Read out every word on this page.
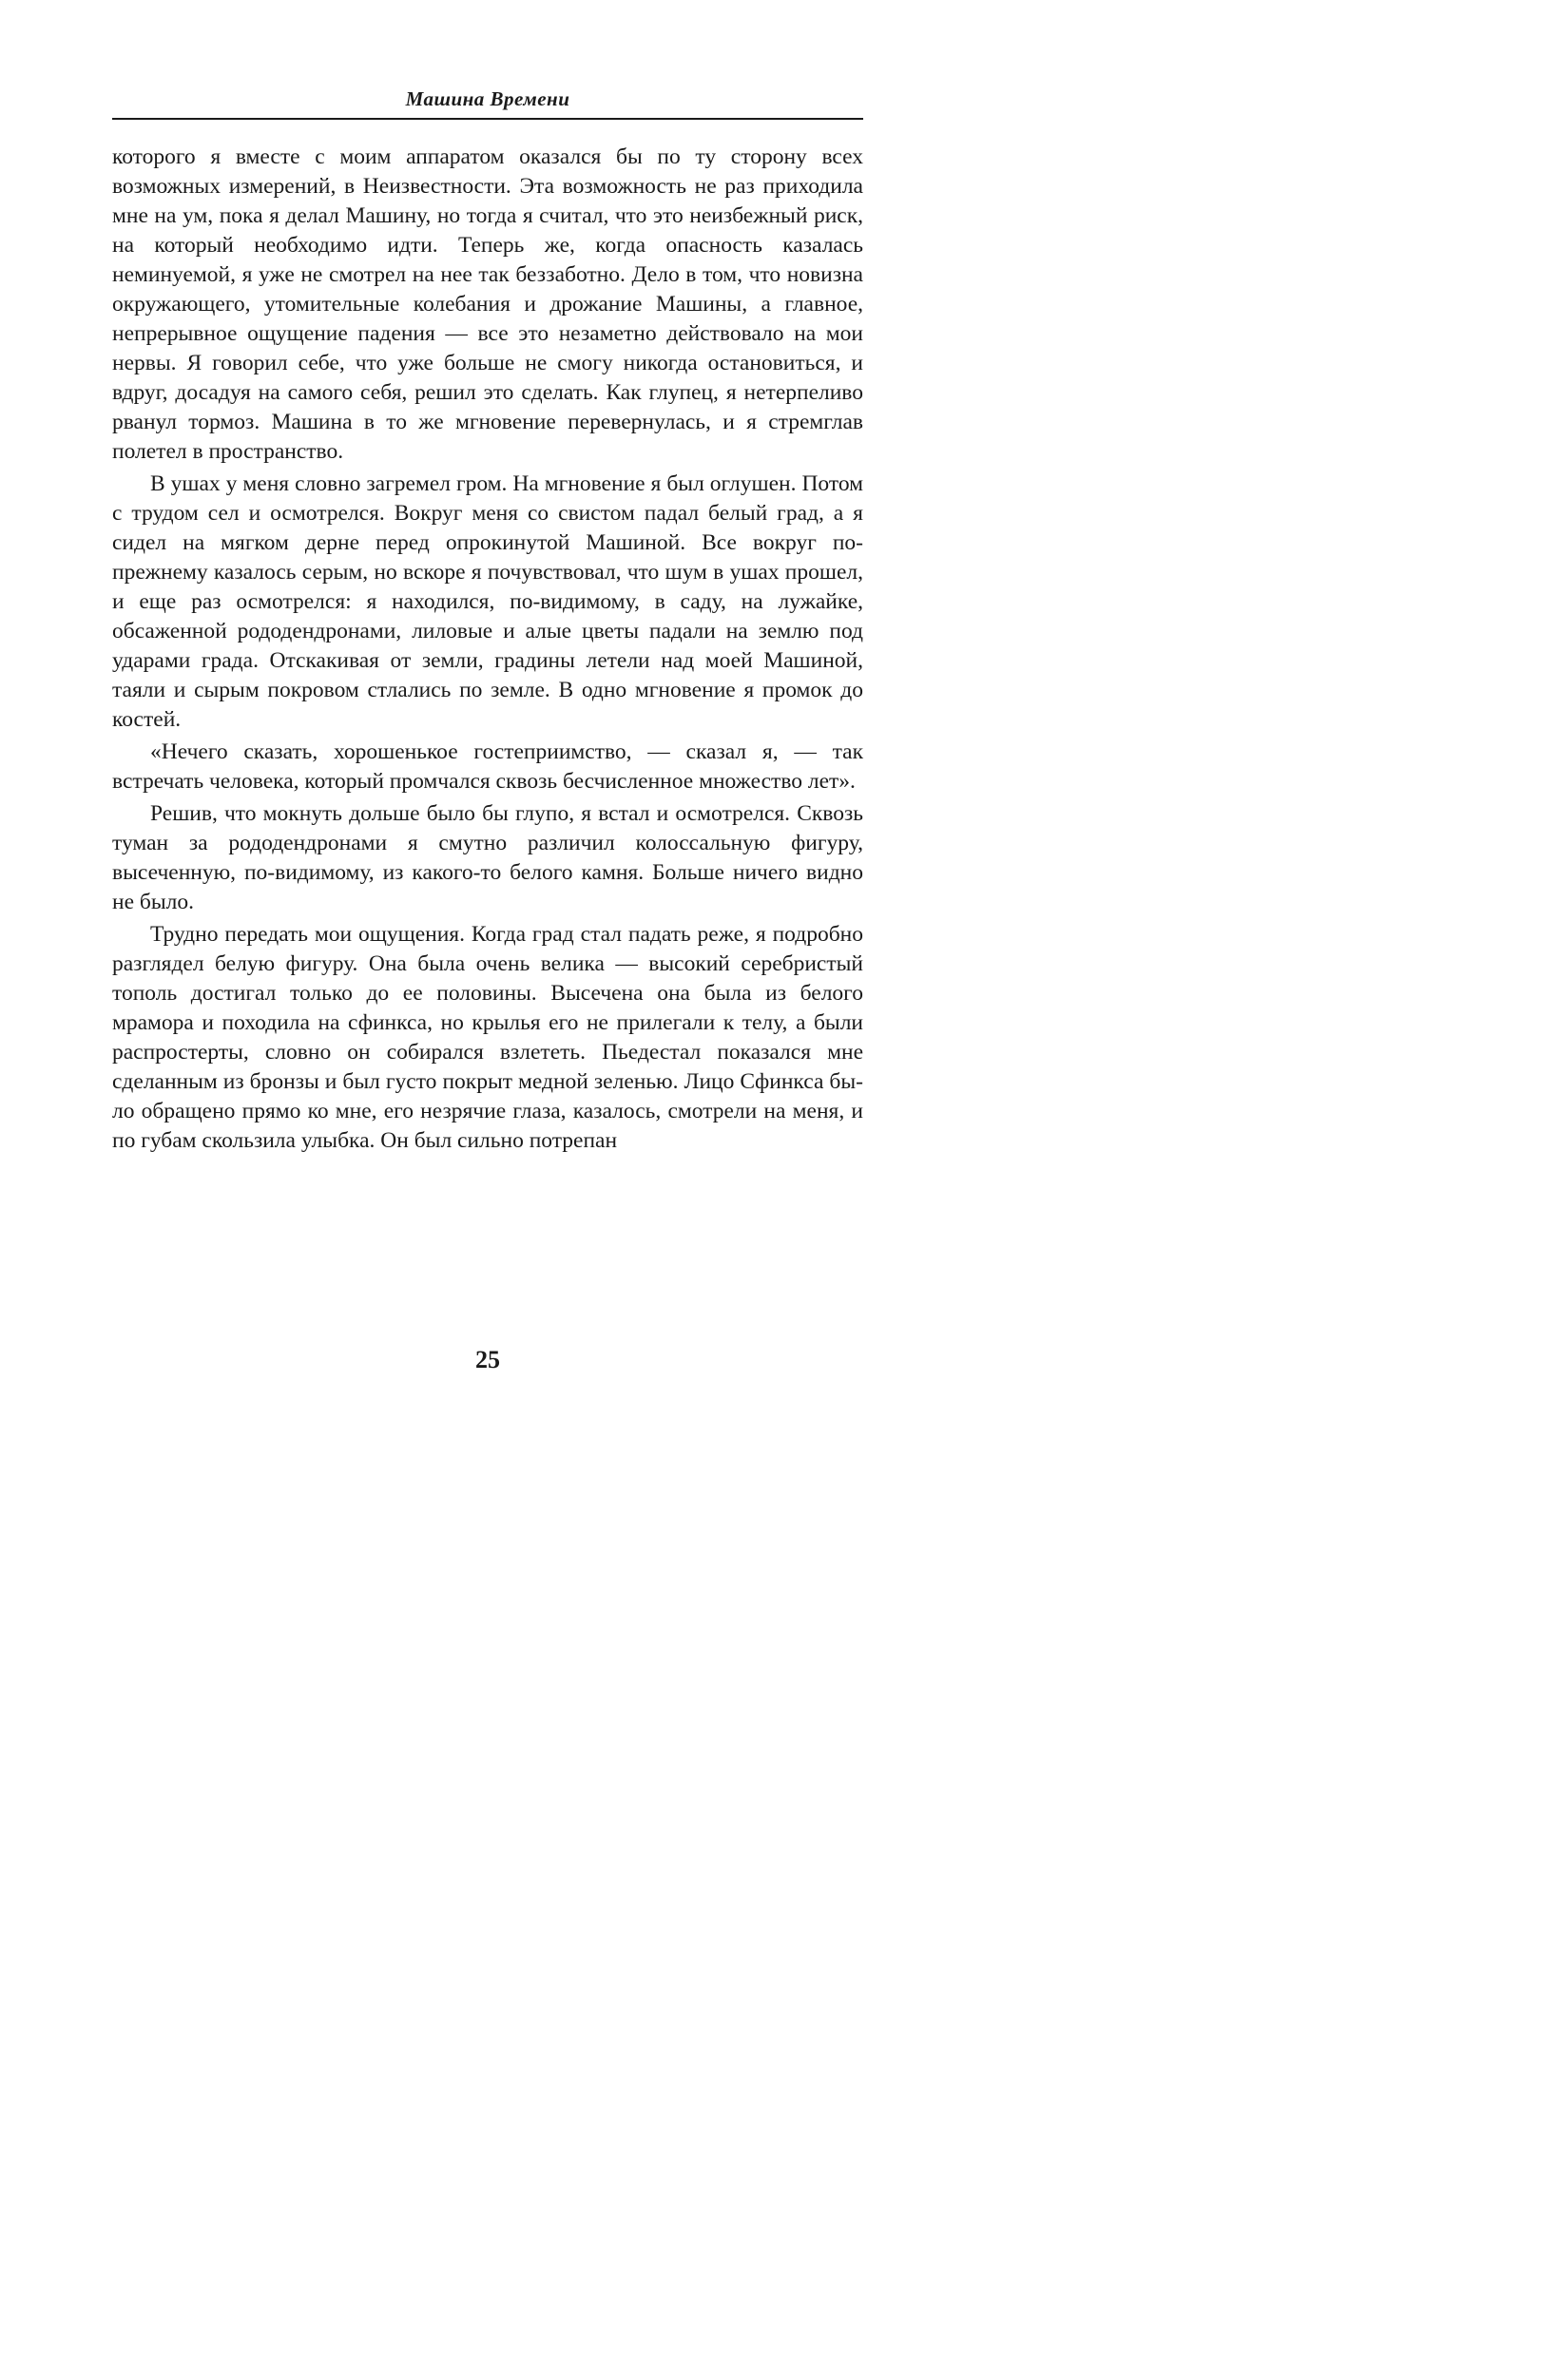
Машина Времени

которого я вместе с моим аппаратом оказался бы по ту сторону всех возможных измерений, в Неизвестности. Эта возможность не раз приходила мне на ум, пока я делал Машину, но тогда я считал, что это неизбежный риск, на который необходимо идти. Теперь же, когда опасность казалась неминуемой, я уже не смотрел на нее так беззаботно. Дело в том, что новизна окружающего, утомительные колебания и дрожание Машины, а главное, непрерывное ощущение падения — все это незаметно действовало на мои нервы. Я говорил себе, что уже больше не смогу никогда остановиться, и вдруг, досадуя на самого себя, решил это сделать. Как глупец, я нетерпеливо рванул тормоз. Машина в то же мгновение перевернулась, и я стремглав полетел в пространство.

В ушах у меня словно загремел гром. На мгновение я был оглушен. Потом с трудом сел и осмотрелся. Вокруг меня со свистом падал белый град, а я сидел на мягком дерне перед опрокинутой Машиной. Все вокруг по-прежнему казалось серым, но вскоре я почувствовал, что шум в ушах прошел, и еще раз осмотрелся: я находился, по-видимому, в саду, на лужайке, обсаженной рододендронами, лиловые и алые цветы падали на землю под ударами града. Отскакивая от земли, градины летели над моей Машиной, таяли и сырым покровом стлались по земле. В одно мгновение я промок до костей.

«Нечего сказать, хорошенькое гостеприимство, — сказал я, — так встречать человека, который промчался сквозь бесчисленное множество лет».

Решив, что мокнуть дольше было бы глупо, я встал и осмотрелся. Сквозь туман за рододендронами я смутно различил колоссальную фигуру, высеченную, по-видимому, из какого-то белого камня. Больше ничего видно не было.

Трудно передать мои ощущения. Когда град стал падать реже, я подробно разглядел белую фигуру. Она была очень велика — высокий серебристый тополь достигал только до ее половины. Высечена она была из белого мрамора и походила на сфинкса, но крылья его не прилегали к телу, а были распростерты, словно он собирался взлететь. Пьедестал показался мне сделанным из бронзы и был густо покрыт медной зеленью. Лицо Сфинкса было обращено прямо ко мне, его незрячие глаза, казалось, смотрели на меня, и по губам скользила улыбка. Он был сильно потрепан

25
